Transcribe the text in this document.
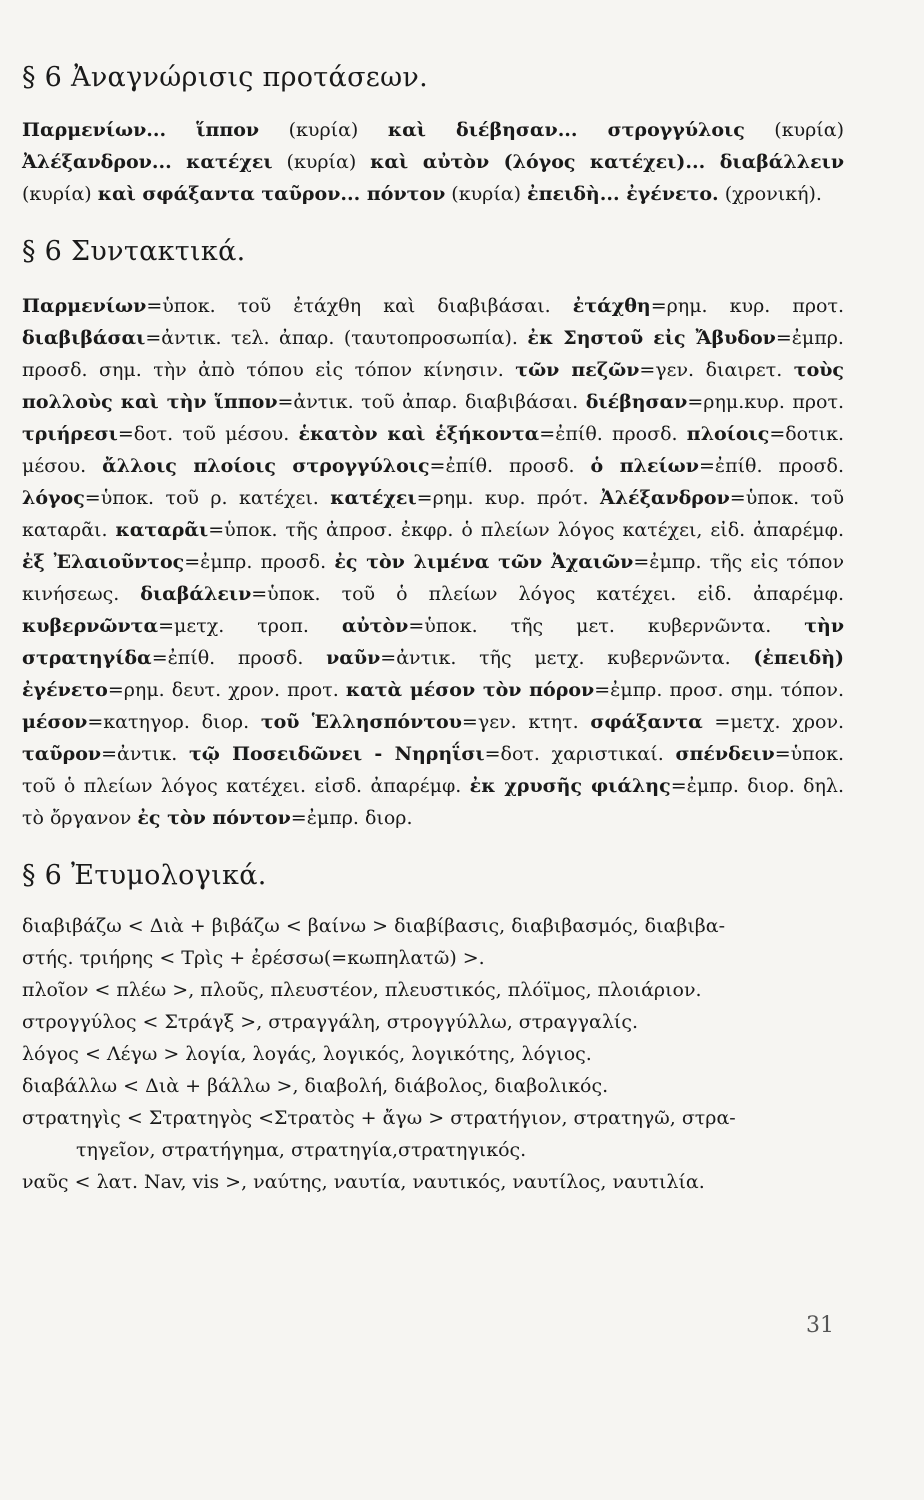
§ 6 Ἀναγνώρισις προτάσεων.

Παρμενίων... ἵππον (κυρία) καὶ διέβησαν... στρογγύλοις (κυρία) Ἀλέξανδρον... κατέχει (κυρία) καὶ αὐτὸν (λόγος κατέχει)... διαβάλλειν (κυρία) καὶ σφάξαντα ταῦρον... πόντον (κυρία) ἐπειδὴ... ἐγένετο. (χρονική).

§ 6 Συντακτικά.

Παρμενίων=ὑποκ. τοῦ ἐτάχθη καὶ διαβιβάσαι. ἐτάχθη=ρημ. κυρ. προτ. διαβιβάσαι=ἀντικ. τελ. ἀπαρ. (ταυτοπροσωπία). ἐκ Σηστοῦ εἰς Ἄβυδον=ἐμπρ. προσδ. σημ. τὴν ἀπὸ τόπου εἰς τόπον κίνησιν. τῶν πεζῶν=γεν. διαιρετ. τοὺς πολλοὺς καὶ τὴν ἵππον=ἀντικ. τοῦ ἀπαρ. διαβιβάσαι. διέβησαν=ρημ.κυρ. προτ. τριήρεσι=δοτ. τοῦ μέσου. ἑκατὸν καὶ ἑξήκοντα=ἐπίθ. προσδ. πλοίοις=δοτικ. μέσου. ἄλλοις πλοίοις στρογγύλοις=ἐπίθ. προσδ. ὁ πλείων=ἐπίθ. προσδ. λόγος=ὑποκ. τοῦ ρ. κατέχει. κατέχει=ρημ. κυρ. πρότ. Ἀλέξανδρον=ὑποκ. τοῦ καταρᾶι. καταρᾶι=ὑποκ. τῆς ἀπροσ. ἐκφρ. ὁ πλείων λόγος κατέχει, εἰδ. ἀπαρέμφ. ἐξ Ἐλαιοῦντος=ἐμπρ. προσδ. ἐς τὸν λιμένα τῶν Ἀχαιῶν=ἐμπρ. τῆς εἰς τόπον κινήσεως. διαβάλειν=ὑποκ. τοῦ ὁ πλείων λόγος κατέχει. εἰδ. ἀπαρέμφ. κυβερνῶντα=μετχ. τροπ. αὐτὸν=ὑποκ. τῆς μετ. κυβερνῶντα. τὴν στρατηγίδα=ἐπίθ. προσδ. ναῦν=ἀντικ. τῆς μετχ. κυβερνῶντα. (ἐπειδὴ) ἐγένετο=ρημ. δευτ. χρον. προτ. κατὰ μέσον τὸν πόρον=ἐμπρ. προσ. σημ. τόπον. μέσον=κατηγορ. διορ. τοῦ Ἑλλησπόντου=γεν. κτητ. σφάξαντα =μετχ. χρον. ταῦρον=ἀντικ. τῷ Ποσειδῶνει - Νηρηΐσι=δοτ. χαριστικαί. σπένδειν=ὑποκ. τοῦ ὁ πλείων λόγος κατέχει. εἰσδ. ἀπαρέμφ. ἐκ χρυσῆς φιάλης=ἐμπρ. διορ. δηλ. τὸ ὄργανον ἐς τὸν πόντον=ἐμπρ. διορ.

§ 6 Ἐτυμολογικά.

διαβιβάζω < Διὰ + βιβάζω < βαίνω > διαβίβασις, διαβιβασμός, διαβιβα-

στής. τριήρης < Τρὶς + ἐρέσσω(=κωπηλατῶ) >.

πλοῖον < πλέω >, πλοῦς, πλευστέον, πλευστικός, πλόϊμος, πλοιάριον.

στρογγύλος < Στράγξ >, στραγγάλη, στρογγύλλω, στραγγαλίς.

λόγος < Λέγω > λογία, λογάς, λογικός, λογικότης, λόγιος.

διαβάλλω < Διὰ + βάλλω >, διαβολή, διάβολος, διαβολικός.

στρατηγὶς < Στρατηγὸς <Στρατὸς + ἄγω > στρατήγιον, στρατηγῶ, στρα-

τηγεῖον, στρατήγημα, στρατηγία,στρατηγικός.

ναῦς < λατ. Nav, vis >, ναύτης, ναυτία, ναυτικός, ναυτίλος, ναυτιλία.

31
